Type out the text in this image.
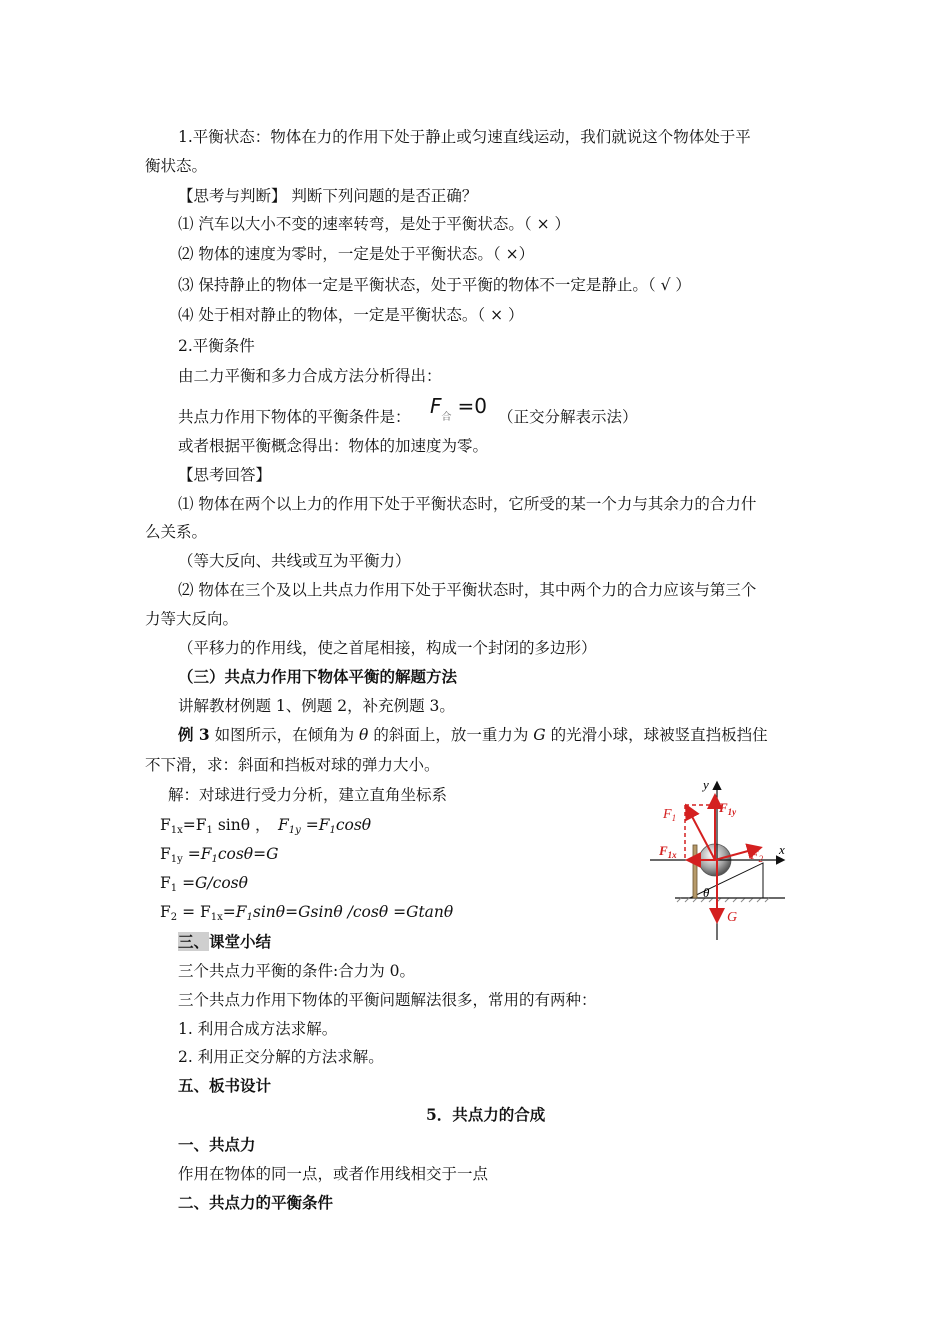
1.平衡状态：物体在力的作用下处于静止或匀速直线运动，我们就说这个物体处于平
衡状态。
【思考与判断】 判断下列问题的是否正确？
⑴ 汽车以大小不变的速率转弯，是处于平衡状态。（ × ）
⑵ 物体的速度为零时，一定是处于平衡状态。（ ×）
⑶ 保持静止的物体一定是平衡状态，处于平衡的物体不一定是静止。（ √ ）
⑷ 处于相对静止的物体，一定是平衡状态。（ × ）
2.平衡条件
由二力平衡和多力合成方法分析得出：
共点力作用下物体的平衡条件是： $F_合 =0$ （正交分解表示法）
或者根据平衡概念得出：物体的加速度为零。
【思考回答】
⑴ 物体在两个以上力的作用下处于平衡状态时，它所受的某一个力与其余力的合力什
么关系。
（等大反向、共线或互为平衡力）
⑵ 物体在三个及以上共点力作用下处于平衡状态时，其中两个力的合力应该与第三个
力等大反向。
（平移力的作用线，使之首尾相接，构成一个封闭的多边形）
（三）共点力作用下物体平衡的解题方法
讲解教材例题 1、例题 2，补充例题 3。
例 3 如图所示，在倾角为 θ 的斜面上，放一重力为 G 的光滑小球，球被竖直挡板挡住
不下滑，求：斜面和挡板对球的弹力大小。
解：对球进行受力分析，建立直角坐标系
F1x=F1 sinθ ， F1y =F1cosθ
F1y =F1cosθ=G
F1 =G/cosθ
F2 = F1x=F1sinθ=Gsinθ /cosθ =Gtanθ
y
x
$F_1$
$F_{1y}$
$F_{1x}$	$F_2$
θ
G
三、课堂小结
三个共点力平衡的条件:合力为 0。
三个共点力作用下物体的平衡问题解法很多，常用的有两种：
1. 利用合成方法求解。
2. 利用正交分解的方法求解。
五、板书设计
5．共点力的合成
一、共点力
作用在物体的同一点，或者作用线相交于一点
二、共点力的平衡条件
